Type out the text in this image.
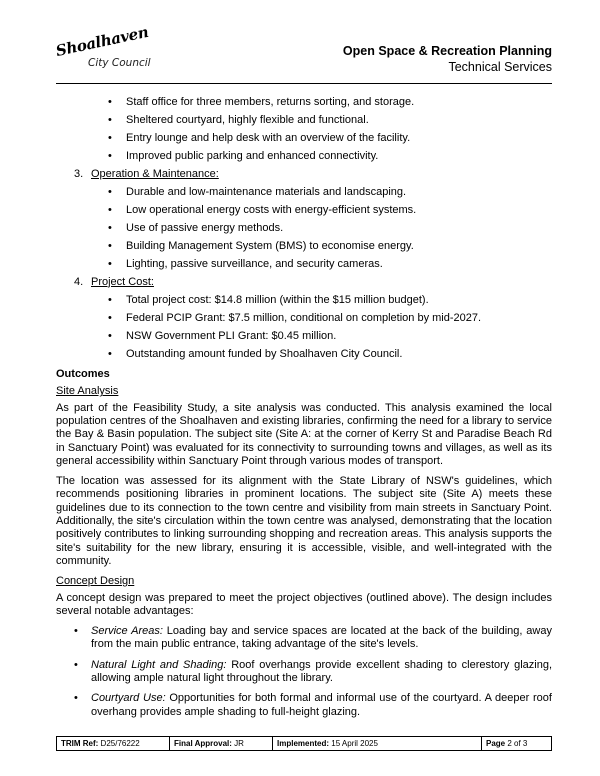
Shoalhaven
City Council
Open Space & Recreation Planning
Technical Services
• Staff office for three members, returns sorting, and storage.
• Sheltered courtyard, highly flexible and functional.
• Entry lounge and help desk with an overview of the facility.
• Improved public parking and enhanced connectivity.
3. Operation & Maintenance:
• Durable and low-maintenance materials and landscaping.
• Low operational energy costs with energy-efficient systems.
• Use of passive energy methods.
• Building Management System (BMS) to economise energy.
• Lighting, passive surveillance, and security cameras.
4. Project Cost:
• Total project cost: $14.8 million (within the $15 million budget).
• Federal PCIP Grant: $7.5 million, conditional on completion by mid-2027.
• NSW Government PLI Grant: $0.45 million.
• Outstanding amount funded by Shoalhaven City Council.
Outcomes
Site Analysis

As part of the Feasibility Study, a site analysis was conducted. This analysis examined the local population centres of the Shoalhaven and existing libraries, confirming the need for a library to service the Bay & Basin population. The subject site (Site A: at the corner of Kerry St and Paradise Beach Rd in Sanctuary Point) was evaluated for its connectivity to surrounding towns and villages, as well as its general accessibility within Sanctuary Point through various modes of transport.

The location was assessed for its alignment with the State Library of NSW's guidelines, which recommends positioning libraries in prominent locations. The subject site (Site A) meets these guidelines due to its connection to the town centre and visibility from main streets in Sanctuary Point. Additionally, the site's circulation within the town centre was analysed, demonstrating that the location positively contributes to linking surrounding shopping and recreation areas. This analysis supports the site's suitability for the new library, ensuring it is accessible, visible, and well-integrated with the community.

Concept Design

A concept design was prepared to meet the project objectives (outlined above). The design includes several notable advantages:

• Service Areas: Loading bay and service spaces are located at the back of the building, away from the main public entrance, taking advantage of the site's levels.
• Natural Light and Shading: Roof overhangs provide excellent shading to clerestory glazing, allowing ample natural light throughout the library.
• Courtyard Use: Opportunities for both formal and informal use of the courtyard. A deeper roof overhang provides ample shading to full-height glazing.
TRIM Ref: D25/76222	Final Approval: JR	Implemented: 15 April 2025	Page 2 of 3
